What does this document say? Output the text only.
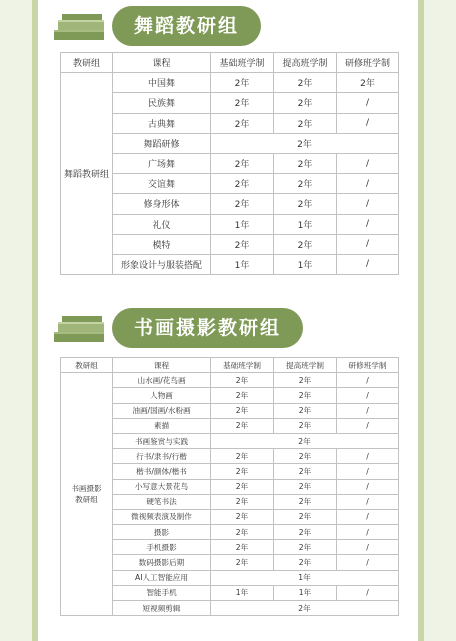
舞蹈教研组
教研组	课程	基础班学制	提高班学制	研修班学制
舞蹈教研组	中国舞	2年	2年	2年
	民族舞	2年	2年	/
	古典舞	2年	2年	/
	舞蹈研修	2年		
	广场舞	2年	2年	/
	交谊舞	2年	2年	/
	修身形体	2年	2年	/
	礼仪	1年	1年	/
	模特	2年	2年	/
	形象设计与服装搭配	1年	1年	/
书画摄影教研组
教研组	课程	基础班学制	提高班学制	研修班学制
书画摄影
教研组	山水画/花鸟画	2年	2年	/
	人物画	2年	2年	/
	油画/国画/水粉画	2年	2年	/
	素描	2年	2年	/
	书画鉴赏与实践	2年		
	行书/隶书/行楷	2年	2年	/
	楷书/颜体/楷书	2年	2年	/
	小写意大景花鸟	2年	2年	/
	硬笔书法	2年	2年	/
	微视频表演及制作	2年	2年	/
	摄影	2年	2年	/
	手机摄影	2年	2年	/
	数码摄影后期	2年	2年	/
	AI人工智能应用	1年		
	智能手机	1年	1年	/
	短视频剪辑	2年		
